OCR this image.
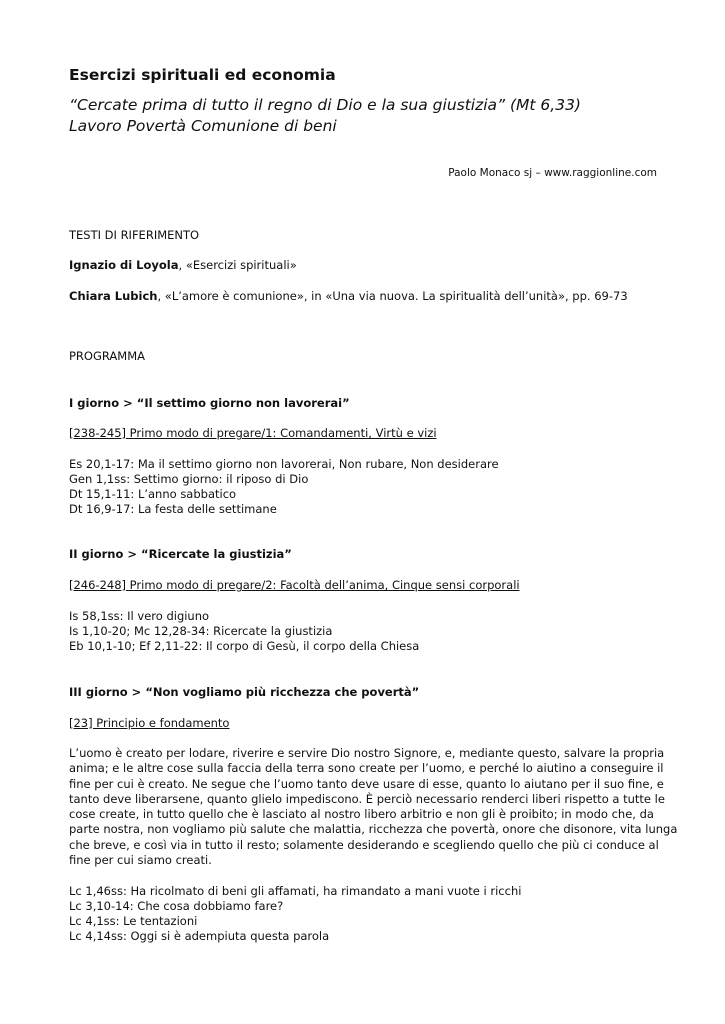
Esercizi spirituali ed economia

“Cercate prima di tutto il regno di Dio e la sua giustizia” (Mt 6,33)

Lavoro Povertà Comunione di beni

Paolo Monaco sj – www.raggionline.com

TESTI DI RIFERIMENTO

Ignazio di Loyola, «Esercizi spirituali»

Chiara Lubich, «L’amore è comunione», in «Una via nuova. La spiritualità dell’unità», pp. 69-73

PROGRAMMA

I giorno > “Il settimo giorno non lavorerai”

[238-245] Primo modo di pregare/1: Comandamenti, Virtù e vizi

Es 20,1-17: Ma il settimo giorno non lavorerai, Non rubare, Non desiderare
Gen 1,1ss: Settimo giorno: il riposo di Dio
Dt 15,1-11: L’anno sabbatico
Dt 16,9-17: La festa delle settimane

II giorno > “Ricercate la giustizia”

[246-248] Primo modo di pregare/2: Facoltà dell’anima, Cinque sensi corporali

Is 58,1ss: Il vero digiuno
Is 1,10-20; Mc 12,28-34: Ricercate la giustizia
Eb 10,1-10; Ef 2,11-22: Il corpo di Gesù, il corpo della Chiesa

III giorno > “Non vogliamo più ricchezza che povertà”

[23] Principio e fondamento

L’uomo è creato per lodare, riverire e servire Dio nostro Signore, e, mediante questo, salvare la propria
anima; e le altre cose sulla faccia della terra sono create per l’uomo, e perché lo aiutino a conseguire il
fine per cui è creato. Ne segue che l’uomo tanto deve usare di esse, quanto lo aiutano per il suo fine, e
tanto deve liberarsene, quanto glielo impediscono. È perciò necessario renderci liberi rispetto a tutte le
cose create, in tutto quello che è lasciato al nostro libero arbitrio e non gli è proibito; in modo che, da
parte nostra, non vogliamo più salute che malattia, ricchezza che povertà, onore che disonore, vita lunga
che breve, e così via in tutto il resto; solamente desiderando e scegliendo quello che più ci conduce al
fine per cui siamo creati.
Lc 1,46ss: Ha ricolmato di beni gli affamati, ha rimandato a mani vuote i ricchi
Lc 3,10-14: Che cosa dobbiamo fare?
Lc 4,1ss: Le tentazioni
Lc 4,14ss: Oggi si è adempiuta questa parola
